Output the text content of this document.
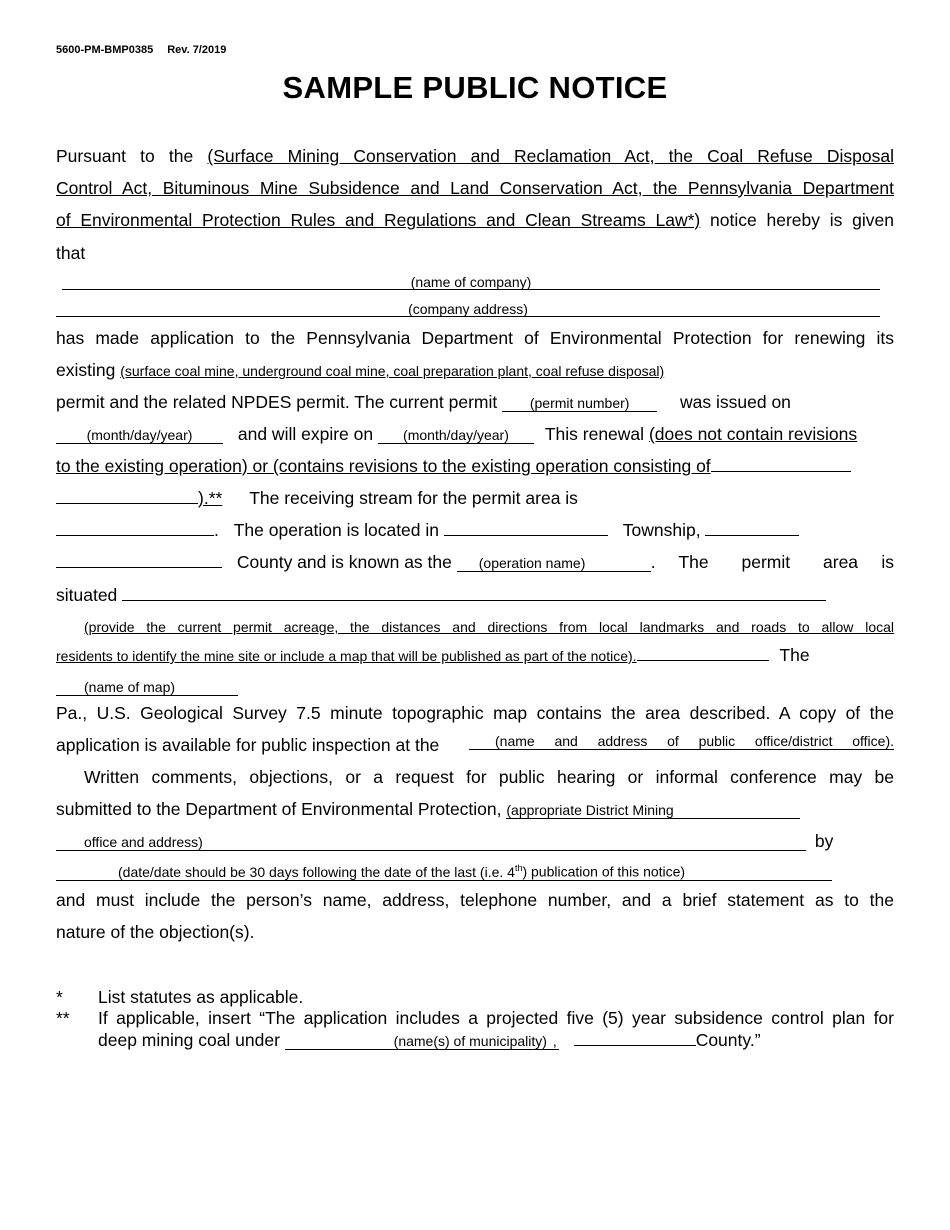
5600-PM-BMP0385 Rev. 7/2019
SAMPLE PUBLIC NOTICE
Pursuant to the (Surface Mining Conservation and Reclamation Act, the Coal Refuse Disposal
Control Act, Bituminous Mine Subsidence and Land Conservation Act, the Pennsylvania Department
of Environmental Protection Rules and Regulations and Clean Streams Law*) notice hereby is given
that
(name of company)
(company address)
has made application to the Pennsylvania Department of Environmental Protection for renewing its
existing (surface coal mine, underground coal mine, coal preparation plant, coal refuse disposal)
permit and the related NPDES permit. The current permit (permit number)	was issued on
(month/day/year)	and will expire on (month/day/year) This renewal (does not contain revisions
to the existing operation) or (contains revisions to the existing operation consisting of
).** The receiving stream for the permit area is
. The operation is located in	Township,
County and is known as the (operation name)	. The permit area is
situated
(provide the current permit acreage, the distances and directions from local landmarks and roads to allow local
residents to identify the mine site or include a map that will be published as part of the notice).	The
(name of map)
Pa., U.S. Geological Survey 7.5 minute topographic map contains the area described. A copy of the
application is available for public inspection at the	(name and address of public office/district office).
Written comments, objections, or a request for public hearing or informal conference may be
submitted to the Department of Environmental Protection, (appropriate District Mining
office and address)	by
(date/date should be 30 days following the date of the last (i.e. 4th) publication of this notice)
and must include the person’s name, address, telephone number, and a brief statement as to the
nature of the objection(s).
* List statutes as applicable.
** If applicable, insert “The application includes a projected five (5) year subsidence control plan for
deep mining coal under	(name(s) of municipality) ,	County.”
